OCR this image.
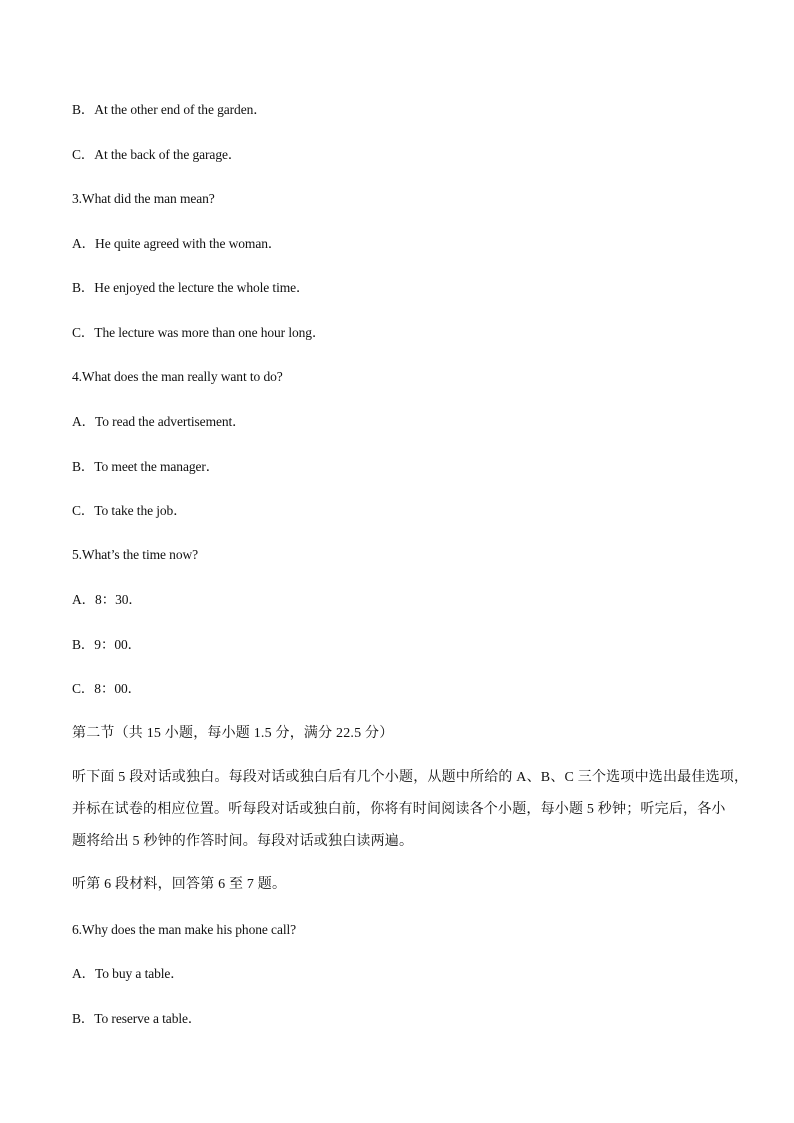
B．At the other end of the garden．
C．At the back of the garage．
3.What did the man mean?
A．He quite agreed with the woman．
B．He enjoyed the lecture the whole time．
C．The lecture was more than one hour long．
4.What does the man really want to do?
A．To read the advertisement．
B．To meet the manager．
C．To take the job．
5.What’s the time now?
A．8：30．
B．9：00．
C．8：00．
第二节（共 15 小题，每小题 1.5 分，满分 22.5 分）
听下面 5 段对话或独白。每段对话或独白后有几个小题，从题中所给的 A、B、C 三个选项中选出最佳选项，
并标在试卷的相应位置。听每段对话或独白前，你将有时间阅读各个小题，每小题 5 秒钟；听完后，各小
题将给出 5 秒钟的作答时间。每段对话或独白读两遍。
听第 6 段材料，回答第 6 至 7 题。
6.Why does the man make his phone call?
A．To buy a table．
B．To reserve a table．
